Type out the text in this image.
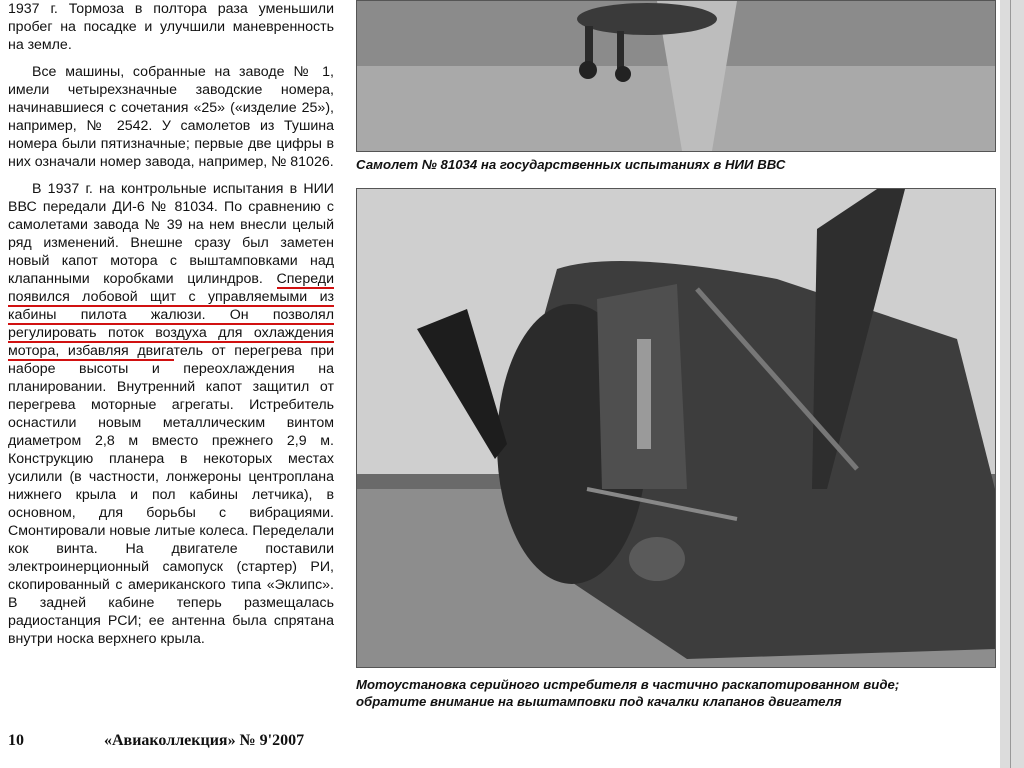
1937 г. Тормоза в полтора раза уменьшили пробег на посадке и улучшили маневренность на земле.

Все машины, собранные на заводе № 1, имели четырехзначные заводские номера, начинавшиеся с сочетания «25» («изделие 25»), например, № 2542. У самолетов из Тушина номера были пятизначные; первые две цифры в них означали номер завода, например, № 81026.

В 1937 г. на контрольные испытания в НИИ ВВС передали ДИ-6 № 81034. По сравнению с самолетами завода № 39 на нем внесли целый ряд изменений. Внешне сразу был заметен новый капот мотора с выштамповками над клапанными коробками цилиндров. Спереди появился лобовой щит с управляемыми из кабины пилота жалюзи. Он позволял регулировать поток воздуха для охлаждения мотора, избавляя двигатель от перегрева при наборе высоты и переохлаждения на планировании. Внутренний капот защитил от перегрева моторные агрегаты. Истребитель оснастили новым металлическим винтом диаметром 2,8 м вместо прежнего 2,9 м. Конструкцию планера в некоторых местах усилили (в частности, лонжероны центроплана нижнего крыла и пол кабины летчика), в основном, для борьбы с вибрациями. Смонтировали новые литые колеса. Переделали кок винта. На двигателе поставили электроинерционный самопуск (стартер) РИ, скопированный с американского типа «Эклипс». В задней кабине теперь размещалась радиостанция РСИ; ее антенна была спрятана внутри носка верхнего крыла.

10	«Авиаколлекция» № 9'2007
Самолет № 81034 на государственных испытаниях в НИИ ВВС
Мотоустановка серийного истребителя в частично раскапотированном виде;
обратите внимание на выштамповки под качалки клапанов двигателя
